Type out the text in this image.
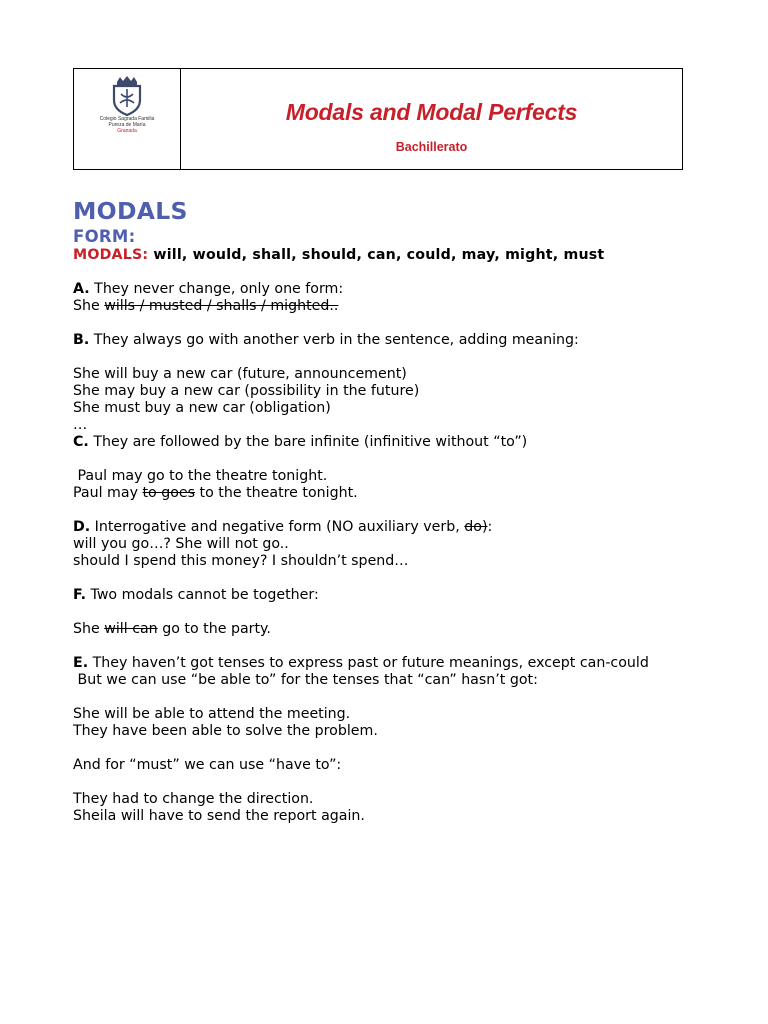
Colegio Sagrada Familia
Pureza de María
Granada
Modals and Modal Perfects
Bachillerato
MODALS
FORM:
MODALS: will, would, shall, should, can, could, may, might, must
A. They never change, only one form:
She wills / musted / shalls / mighted..
B. They always go with another verb in the sentence, adding meaning:
She will buy a new car (future, announcement)
She may buy a new car (possibility in the future)
She must buy a new car (obligation)
…
C. They are followed by the bare infinite (infinitive without “to”)
Paul may go to the theatre tonight.
Paul may to goes to the theatre tonight.
D. Interrogative and negative form (NO auxiliary verb, do):
will you go…? She will not go..
should I spend this money? I shouldn’t spend…
F. Two modals cannot be together:
She will can go to the party.
E. They haven’t got tenses to express past or future meanings, except can-could
But we can use “be able to” for the tenses that “can” hasn’t got:
She will be able to attend the meeting.
They have been able to solve the problem.
And for “must” we can use “have to”:
They had to change the direction.
Sheila will have to send the report again.
